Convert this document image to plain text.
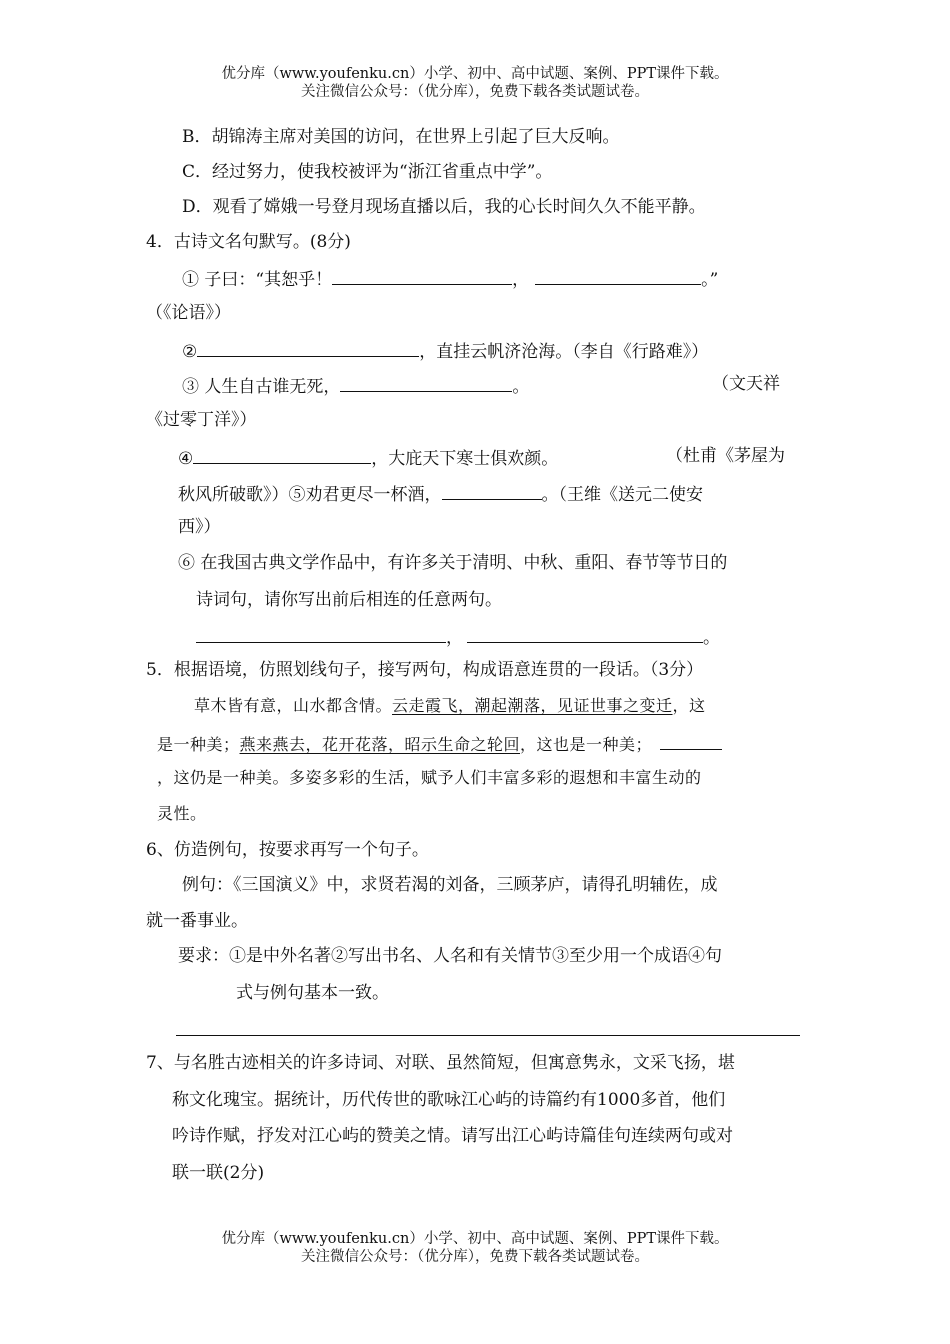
优分库（www.youfenku.cn）小学、初中、高中试题、案例、PPT课件下载。
关注微信公众号：（优分库），免费下载各类试题试卷。
B．胡锦涛主席对美国的访问，在世界上引起了巨大反响。
C．经过努力，使我校被评为“浙江省重点中学”。
D．观看了嫦娥一号登月现场直播以后，我的心长时间久久不能平静。
4．古诗文名句默写。(8分)
① 子曰：“其恕乎！	，	。”
（《论语》）
②	，直挂云帆济沧海。（李自《行路难》）
③ 人生自古谁无死，	。	（文天祥
《过零丁洋》）
④	，大庇天下寒士俱欢颜。	（杜甫《茅屋为
秋风所破歌》）⑤劝君更尽一杯酒，	。（王维《送元二使安
西》）
⑥ 在我国古典文学作品中，有许多关于清明、中秋、重阳、春节等节日的
诗词句，请你写出前后相连的任意两句。
，	。
5．根据语境，仿照划线句子，接写两句，构成语意连贯的一段话。（3分）
草木皆有意，山水都含情。云走霞飞，潮起潮落，见证世事之变迁，这
是一种美；燕来燕去，花开花落，昭示生命之轮回，这也是一种美；
，这仍是一种美。多姿多彩的生活，赋予人们丰富多彩的遐想和丰富生动的
灵性。
6、仿造例句，按要求再写一个句子。
例句：《三国演义》中，求贤若渴的刘备，三顾茅庐，请得孔明辅佐，成
就一番事业。
要求：①是中外名著②写出书名、人名和有关情节③至少用一个成语④句
式与例句基本一致。
7、与名胜古迹相关的许多诗词、对联、虽然简短，但寓意隽永，文采飞扬，堪
称文化瑰宝。据统计，历代传世的歌咏江心屿的诗篇约有1000多首，他们
吟诗作赋，抒发对江心屿的赞美之情。请写出江心屿诗篇佳句连续两句或对
联一联(2分)
优分库（www.youfenku.cn）小学、初中、高中试题、案例、PPT课件下载。
关注微信公众号：（优分库），免费下载各类试题试卷。
